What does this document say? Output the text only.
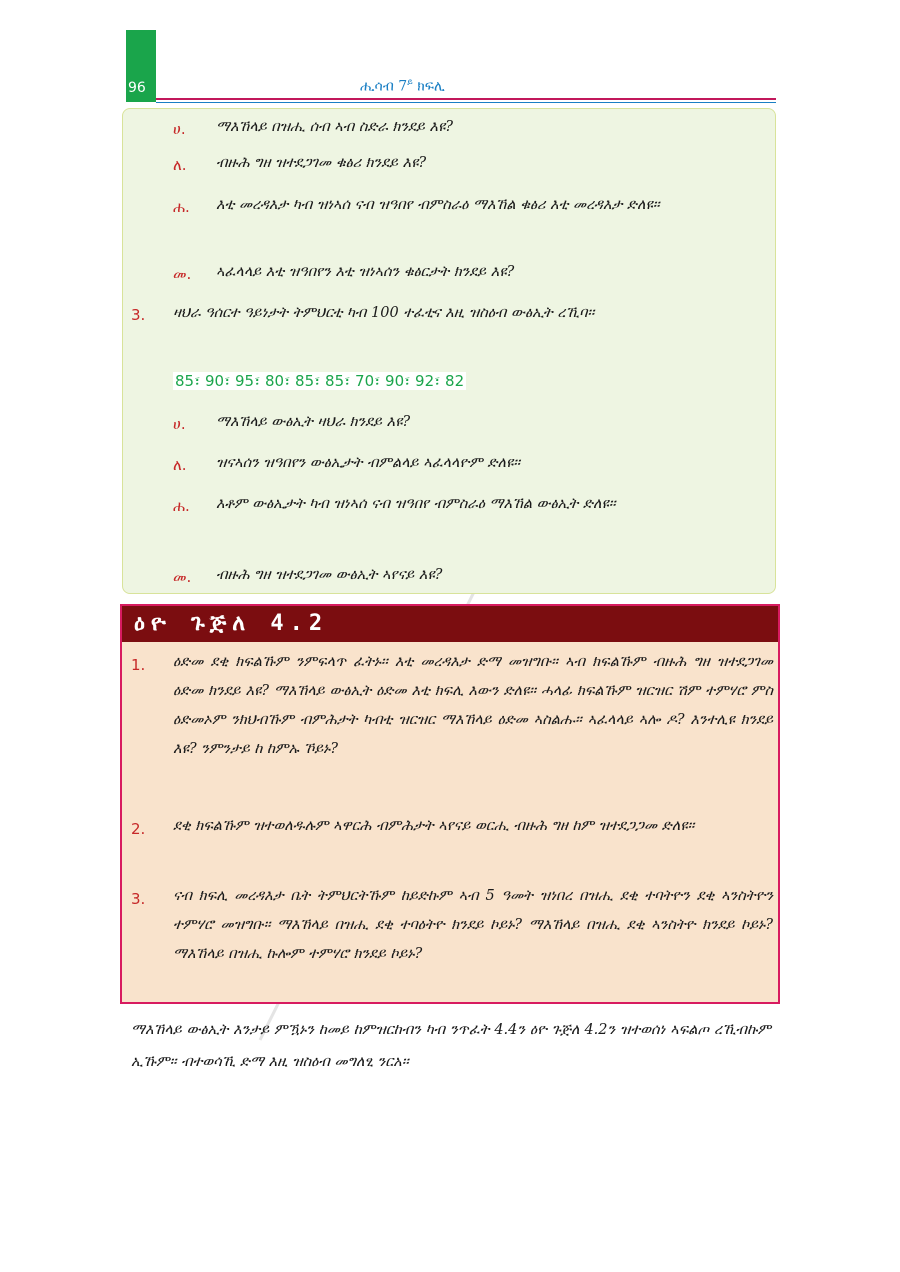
96	ሒሳብ $7^ይ$ ክፍሊ
ሀ. ማእኸላይ በዝሒ ሰብ ኣብ ስድራ ክንደይ እዩ?
ለ. ብዙሕ ግዘ ዝተደጋገመ ቁፅሪ ክንደይ እዩ?
ሐ. እቲ መረዳእታ ካብ ዝነኣሰ ናብ ዝዓበየ ብምስራዕ ማእኸል ቁፅሪ እቲ መረዳእታ ድለዩ፡፡
መ. ኣፈላላይ እቲ ዝዓበየን እቲ ዝነኣሰን ቁፅርታት ክንደይ እዩ?
3. ዛህራ ዓሰርተ ዓይነታት ትምህርቲ ካብ 100 ተፈቲና እዚ ዝስዕብ ውፅኢት ረኺባ፡፡
85፣ 90፣ 95፣ 80፣ 85፣ 85፣ 70፣ 90፣ 92፣ 82
ሀ. ማእኸላይ ውፅኢት ዛህራ ክንደይ እዩ?
ለ. ዝናኣሰን ዝዓበየን ውፅኢታት ብምልላይ ኣፈላላዮም ድለዩ፡፡
ሐ. እቶም ውፅኢታት ካብ ዝነኣሰ ናብ ዝዓበየ ብምስራዕ ማእኸል ውፅኢት ድለዩ፡፡
መ. ብዙሕ ግዘ ዝተደጋገመ ውፅኢት ኣየናይ እዩ?
ዕዮ ጉጅለ 4.2
1. ዕድመ ደቂ ክፍልኹም ንምፍላጥ ፈትኑ፡፡ እቲ መረዳእታ ድማ መዝግቡ፡፡ ኣብ ክፍልኹም ብዙሕ ግዘ ዝተደጋገመ ዕድመ ክንደይ እዩ? ማእኸላይ ውፅኢት ዕድመ እቲ ክፍሊ እውን ድለዩ፡፡ ሓላፊ ክፍልኹም ዝርዝር ሽም ተምሃሮ ምስ ዕድመኦም ንክህብኹም ብምሕታት ካብቲ ዝርዝር ማእኸላይ ዕድመ ኣስልሑ፡፡ ኣፈላላይ ኣሎ ዶ? እንተሊዩ ክንደይ እዩ? ንምንታይ ከ ከምኡ ኾይኑ?
2. ደቂ ክፍልኹም ዝተወለዱሉም ኣዋርሕ ብምሕታት ኣየናይ ወርሒ ብዙሕ ግዘ ከም ዝተደጋጋመ ድለዩ፡፡
3. ናብ ክፍሊ መረዳእታ ቤት ትምህርትኹም ከይድኩም ኣብ 5 ዓመት ዝነበረ በዝሒ ደቂ ተባትዮን ደቂ ኣንስትዮን ተምሃሮ መዝግቡ፡፡ ማእኸላይ በዝሒ ደቂ ተባዕትዮ ክንደይ ኮይኑ? ማእኸላይ በዝሒ ደቂ ኣንስትዮ ክንደይ ኮይኑ? ማእኸላይ በዝሒ ኩሎም ተምሃሮ ክንደይ ኮይኑ?
ማእኸላይ ውፅኢት እንታይ ምዃኑን ከመይ ከምዝርከብን ካብ ንጥፈት 4.4ን ዕዮ ጉጅለ 4.2ን ዝተወሰነ ኣፍልጦ ረኺብኩም ኢኹም፡፡ ብተወሳኺ ድማ እዚ ዝስዕብ መግለፂ ንርአ፡፡
